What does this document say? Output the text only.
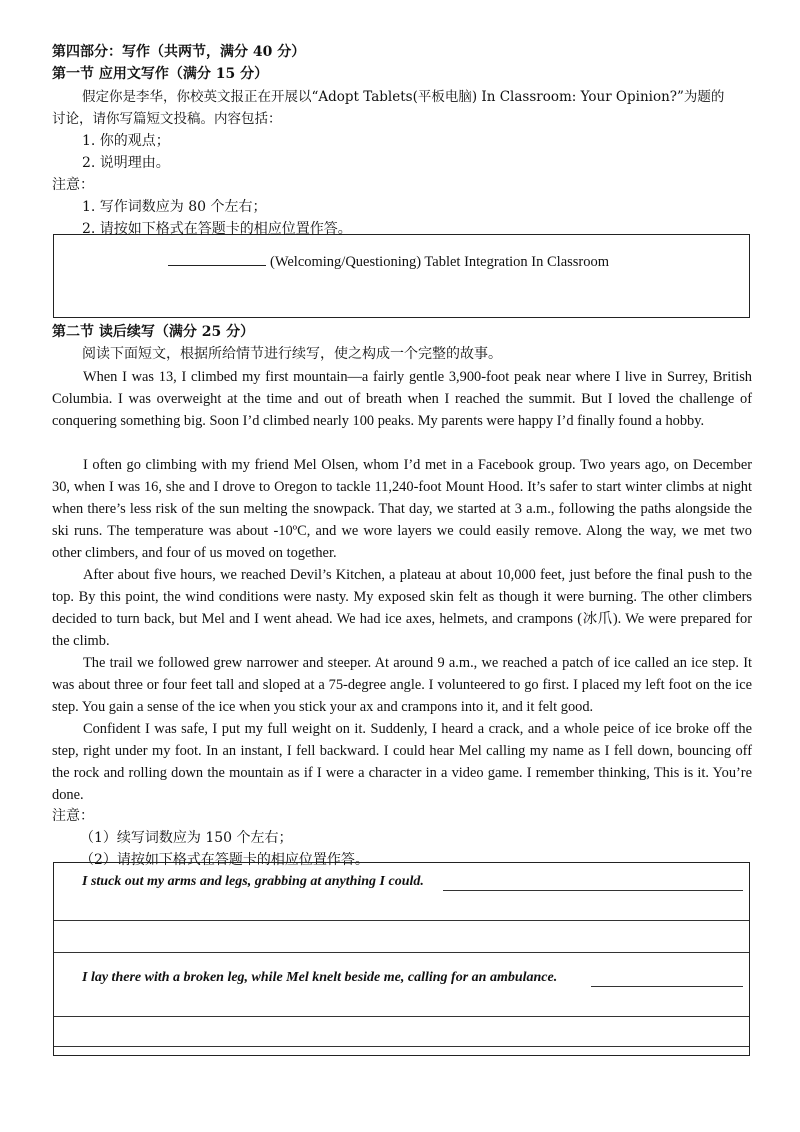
第四部分：写作（共两节，满分 40 分）
第一节 应用文写作（满分 15 分）
假定你是李华，你校英文报正在开展以“Adopt Tablets(平板电脑) In Classroom: Your Opinion?”为题的
讨论，请你写篇短文投稿。内容包括：
1. 你的观点；
2. 说明理由。
注意：
1. 写作词数应为 80 个左右；
2. 请按如下格式在答题卡的相应位置作答。
(Welcoming/Questioning) Tablet Integration In Classroom
第二节 读后续写（满分 25 分）
阅读下面短文，根据所给情节进行续写，使之构成一个完整的故事。
When I was 13, I climbed my first mountain—a fairly gentle 3,900-foot peak near where I live in Surrey, British Columbia. I was overweight at the time and out of breath when I reached the summit. But I loved the challenge of conquering something big. Soon I’d climbed nearly 100 peaks. My parents were happy I’d finally found a hobby.
I often go climbing with my friend Mel Olsen, whom I’d met in a Facebook group. Two years ago, on December 30, when I was 16, she and I drove to Oregon to tackle 11,240-foot Mount Hood. It’s safer to start winter climbs at night when there’s less risk of the sun melting the snowpack. That day, we started at 3 a.m., following the paths alongside the ski runs. The temperature was about -10ºC, and we wore layers we could easily remove. Along the way, we met two other climbers, and four of us moved on together.
After about five hours, we reached Devil’s Kitchen, a plateau at about 10,000 feet, just before the final push to the top. By this point, the wind conditions were nasty. My exposed skin felt as though it were burning. The other climbers decided to turn back, but Mel and I went ahead. We had ice axes, helmets, and crampons (冰爪). We were prepared for the climb.
The trail we followed grew narrower and steeper. At around 9 a.m., we reached a patch of ice called an ice step. It was about three or four feet tall and sloped at a 75-degree angle. I volunteered to go first. I placed my left foot on the ice step. You gain a sense of the ice when you stick your ax and crampons into it, and it felt good.
Confident I was safe, I put my full weight on it. Suddenly, I heard a crack, and a whole peice of ice broke off the step, right under my foot. In an instant, I fell backward. I could hear Mel calling my name as I fell down, bouncing off the rock and rolling down the mountain as if I were a character in a video game. I remember thinking, This is it. You’re done.
注意：
（1）续写词数应为 150 个左右；
（2）请按如下格式在答题卡的相应位置作答。
I stuck out my arms and legs, grabbing at anything I could.
I lay there with a broken leg, while Mel knelt beside me, calling for an ambulance.
